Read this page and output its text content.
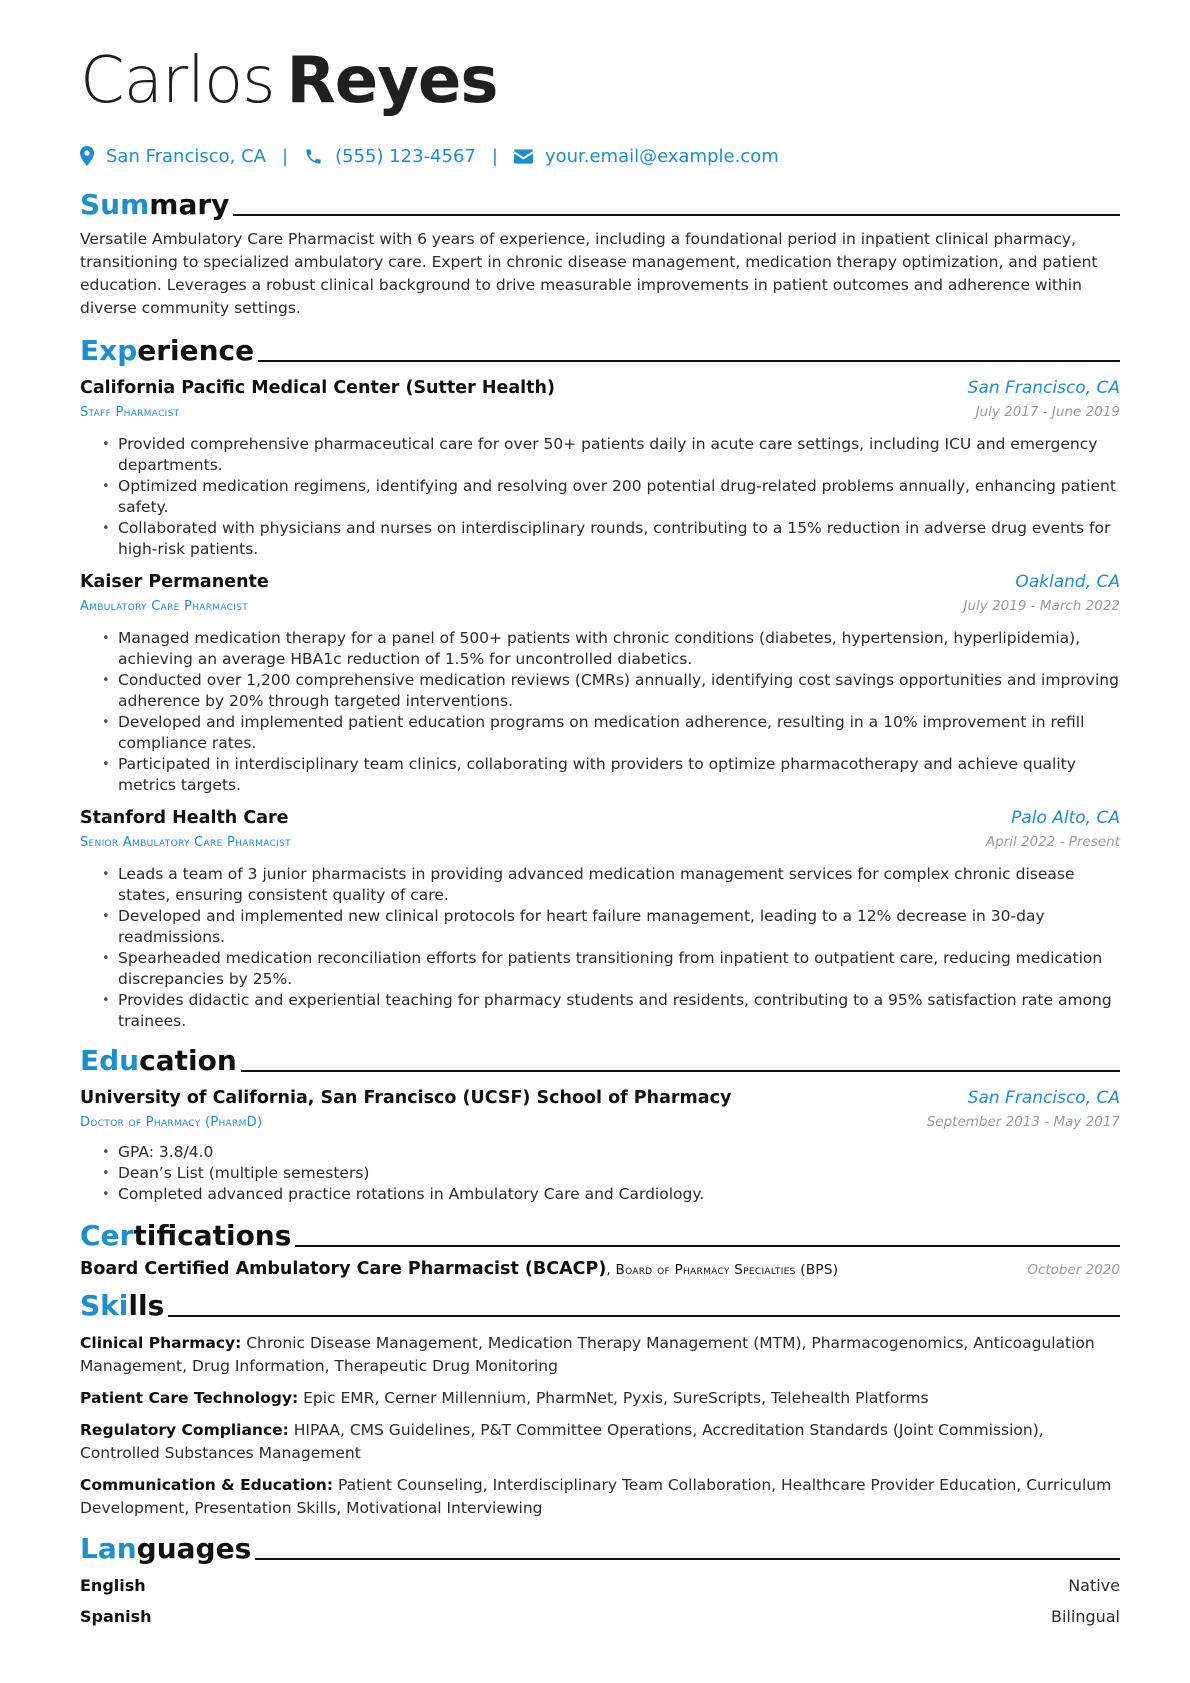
Carlos Reyes
San Francisco, CA |	(555) 123-4567 |	your.email@example.com
Summary
Versatile Ambulatory Care Pharmacist with 6 years of experience, including a foundational period in inpatient clinical pharmacy, transitioning to specialized ambulatory care. Expert in chronic disease management, medication therapy optimization, and patient education. Leverages a robust clinical background to drive measurable improvements in patient outcomes and adherence within diverse community settings.
Experience
California Pacific Medical Center (Sutter Health)	San Francisco, CA
Staff Pharmacist	July 2017 - June 2019
• Provided comprehensive pharmaceutical care for over 50+ patients daily in acute care settings, including ICU and emergency departments.
• Optimized medication regimens, identifying and resolving over 200 potential drug-related problems annually, enhancing patient safety.
• Collaborated with physicians and nurses on interdisciplinary rounds, contributing to a 15% reduction in adverse drug events for high-risk patients.
Kaiser Permanente	Oakland, CA
Ambulatory Care Pharmacist	July 2019 - March 2022
• Managed medication therapy for a panel of 500+ patients with chronic conditions (diabetes, hypertension, hyperlipidemia), achieving an average HBA1c reduction of 1.5% for uncontrolled diabetics.
• Conducted over 1,200 comprehensive medication reviews (CMRs) annually, identifying cost savings opportunities and improving adherence by 20% through targeted interventions.
• Developed and implemented patient education programs on medication adherence, resulting in a 10% improvement in refill compliance rates.
• Participated in interdisciplinary team clinics, collaborating with providers to optimize pharmacotherapy and achieve quality metrics targets.
Stanford Health Care	Palo Alto, CA
Senior Ambulatory Care Pharmacist	April 2022 - Present
• Leads a team of 3 junior pharmacists in providing advanced medication management services for complex chronic disease states, ensuring consistent quality of care.
• Developed and implemented new clinical protocols for heart failure management, leading to a 12% decrease in 30-day readmissions.
• Spearheaded medication reconciliation efforts for patients transitioning from inpatient to outpatient care, reducing medication discrepancies by 25%.
• Provides didactic and experiential teaching for pharmacy students and residents, contributing to a 95% satisfaction rate among trainees.
Education
University of California, San Francisco (UCSF) School of Pharmacy	San Francisco, CA
Doctor of Pharmacy (PharmD)	September 2013 - May 2017
• GPA: 3.8/4.0
• Dean’s List (multiple semesters)
• Completed advanced practice rotations in Ambulatory Care and Cardiology.
Certifications
Board Certified Ambulatory Care Pharmacist (BCACP), Board of Pharmacy Specialties (BPS)	October 2020
Skills
Clinical Pharmacy: Chronic Disease Management, Medication Therapy Management (MTM), Pharmacogenomics, Anticoagulation Management, Drug Information, Therapeutic Drug Monitoring
Patient Care Technology: Epic EMR, Cerner Millennium, PharmNet, Pyxis, SureScripts, Telehealth Platforms
Regulatory Compliance: HIPAA, CMS Guidelines, P&T Committee Operations, Accreditation Standards (Joint Commission), Controlled Substances Management
Communication & Education: Patient Counseling, Interdisciplinary Team Collaboration, Healthcare Provider Education, Curriculum Development, Presentation Skills, Motivational Interviewing
Languages
English	Native
Spanish	Bilingual
